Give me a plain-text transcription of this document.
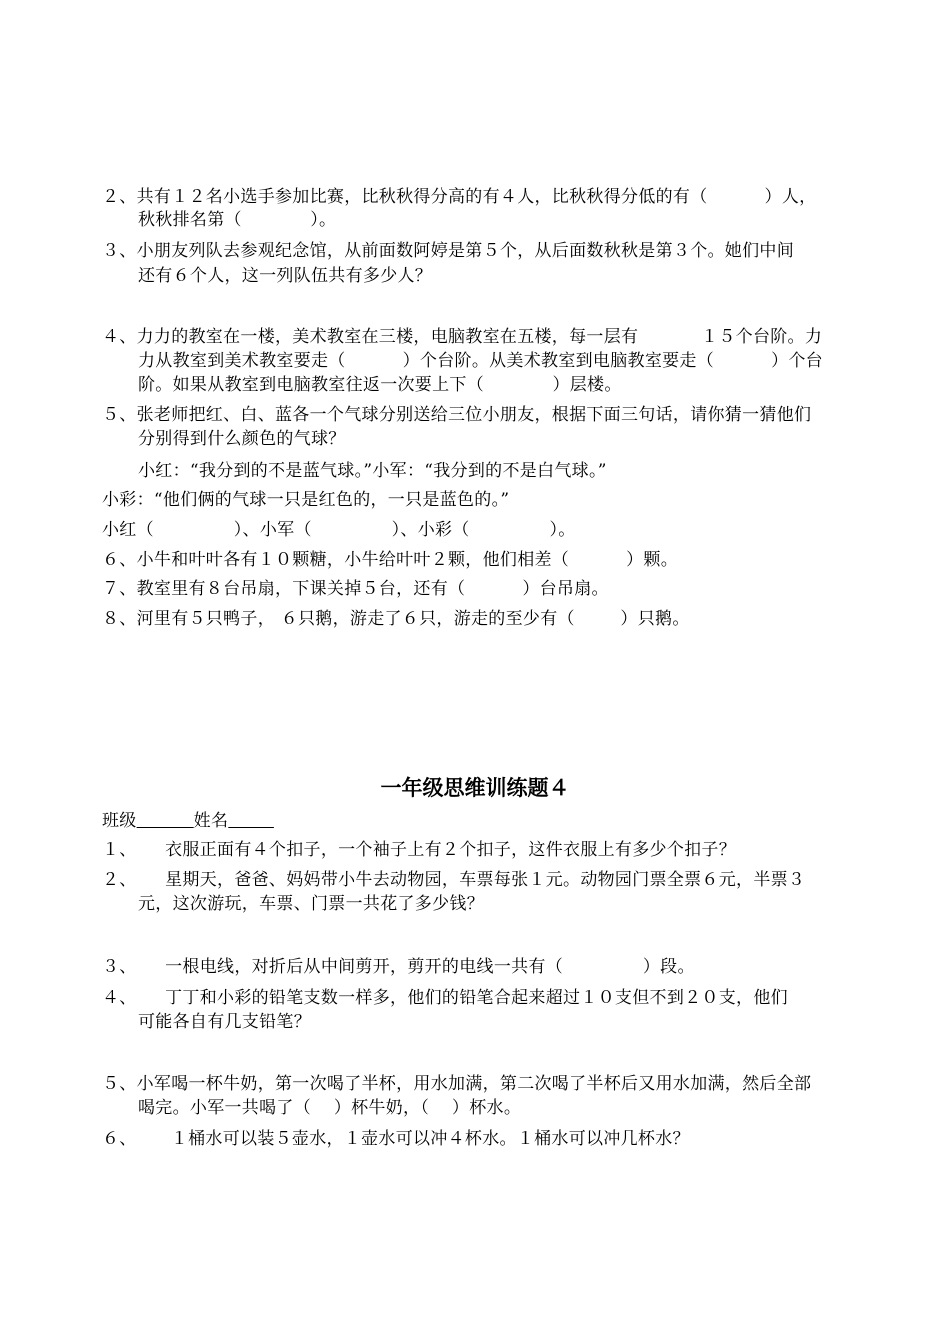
２、共有１２名小选手参加比赛，比秋秋得分高的有４人，比秋秋得分低的有（          ）人，
秋秋排名第（            ）。
３、小朋友列队去参观纪念馆，从前面数阿婷是第５个，从后面数秋秋是第３个。她们中间
还有６个人，这一列队伍共有多少人？
４、力力的教室在一楼，美术教室在三楼，电脑教室在五楼，每一层有           １５个台阶。力
力从教室到美术教室要走（          ）个台阶。从美术教室到电脑教室要走（          ）个台
阶。如果从教室到电脑教室往返一次要上下（            ）层楼。
５、张老师把红、白、蓝各一个气球分别送给三位小朋友，根据下面三句话，请你猜一猜他们
分别得到什么颜色的气球？
小红：“我分到的不是蓝气球。”小军：“我分到的不是白气球。”
小彩：“他们俩的气球一只是红色的，一只是蓝色的。”
小红（              ）、小军（              ）、小彩（              ）。
６、小牛和叶叶各有１０颗糖，小牛给叶叶２颗，他们相差（          ）颗。
７、教室里有８台吊扇，下课关掉５台，还有（          ）台吊扇。
８、河里有５只鸭子， ６只鹅，游走了６只，游走的至少有（        ）只鹅。
一年级思维训练题４
班级	姓名
１、     衣服正面有４个扣子，一个袖子上有２个扣子，这件衣服上有多少个扣子？
２、     星期天，爸爸、妈妈带小牛去动物园，车票每张１元。动物园门票全票６元，半票３
元，这次游玩，车票、门票一共花了多少钱？
３、     一根电线，对折后从中间剪开，剪开的电线一共有（              ）段。
４、     丁丁和小彩的铅笔支数一样多，他们的铅笔合起来超过１０支但不到２０支，他们
可能各自有几支铅笔？
５、小军喝一杯牛奶，第一次喝了半杯，用水加满，第二次喝了半杯后又用水加满，然后全部
喝完。小军一共喝了（    ）杯牛奶，（    ）杯水。
６、      １桶水可以装５壶水，１壶水可以冲４杯水。１桶水可以冲几杯水？
